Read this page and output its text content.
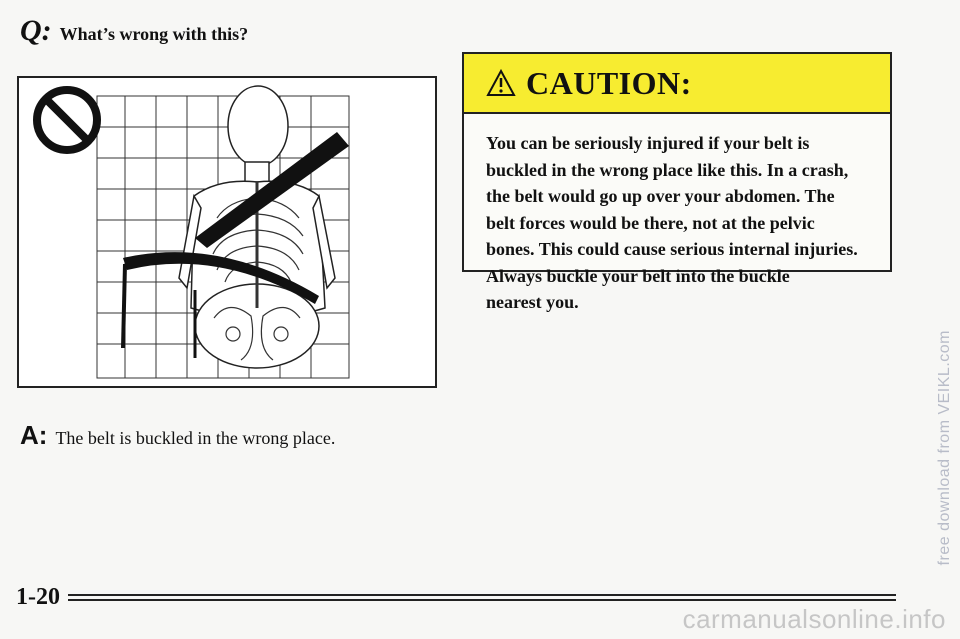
Q: What’s wrong with this?
A: The belt is buckled in the wrong place.
CAUTION:
You can be seriously injured if your belt is
buckled in the wrong place like this. In a crash,
the belt would go up over your abdomen. The
belt forces would be there, not at the pelvic
bones. This could cause serious internal injuries.
Always buckle your belt into the buckle
nearest you.
1-20
free download from VEIKL.com
carmanualsonline.info
